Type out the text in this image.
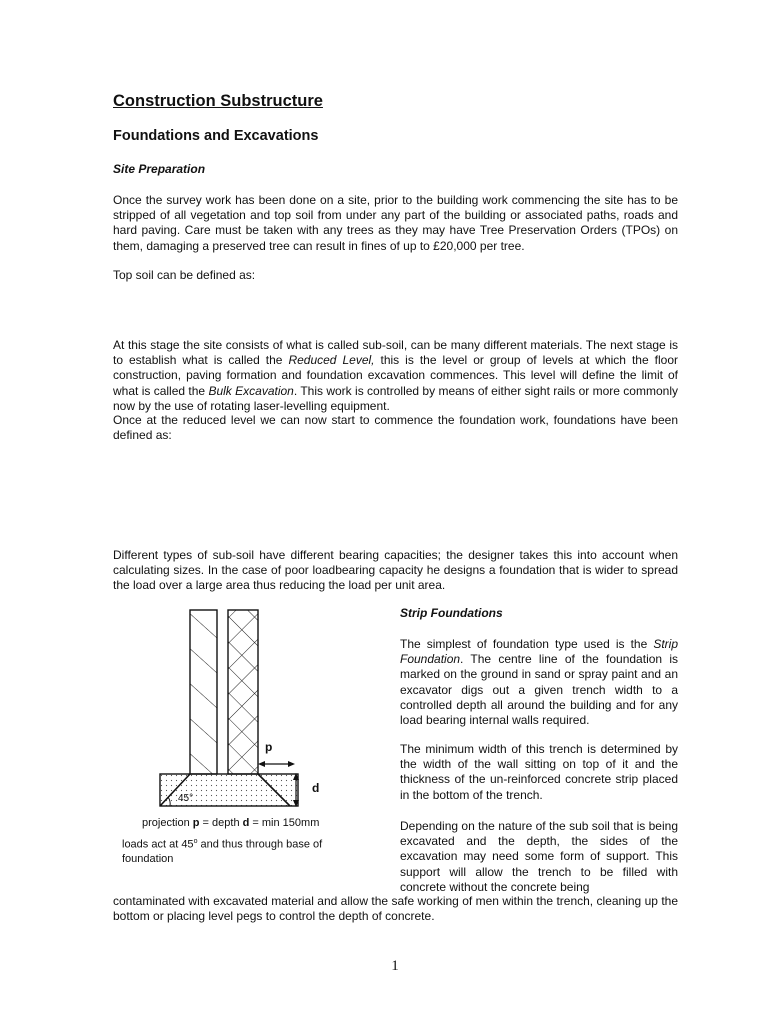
Construction Substructure
Foundations and Excavations
Site Preparation

Once the survey work has been done on a site, prior to the building work commencing the site has to be stripped of all vegetation and top soil from under any part of the building or associated paths, roads and hard paving. Care must be taken with any trees as they may have Tree Preservation Orders (TPOs) on them, damaging a preserved tree can result in fines of up to £20,000 per tree.

Top soil can be defined as:

At this stage the site consists of what is called sub-soil, can be many different materials. The next stage is to establish what is called the Reduced Level, this is the level or group of levels at which the floor construction, paving formation and foundation excavation commences. This level will define the limit of what is called the Bulk Excavation. This work is controlled by means of either sight rails or more commonly now by the use of rotating laser-levelling equipment.

Once at the reduced level we can now start to commence the foundation work, foundations have been defined as:

Different types of sub-soil have different bearing capacities; the designer takes this into account when calculating sizes. In the case of poor loadbearing capacity he designs a foundation that is wider to spread the load over a large area thus reducing the load per unit area.

Strip Foundations

The simplest of foundation type used is the Strip Foundation. The centre line of the foundation is marked on the ground in sand or spray paint and an excavator digs out a given trench width to a controlled depth all around the building and for any load bearing internal walls required.

The minimum width of this trench is determined by the width of the wall sitting on top of it and the thickness of the un-reinforced concrete strip placed in the bottom of the trench.

Depending on the nature of the sub soil that is being excavated and the depth, the sides of the excavation may need some form of support. This support will allow the trench to be filled with concrete without the concrete being

contaminated with excavated material and allow the safe working of men within the trench, cleaning up the bottom or placing level pegs to control the depth of concrete.

45°
p
d

projection p = depth d = min 150mm

loads act at 45$^o$ and thus through base of foundation

1
